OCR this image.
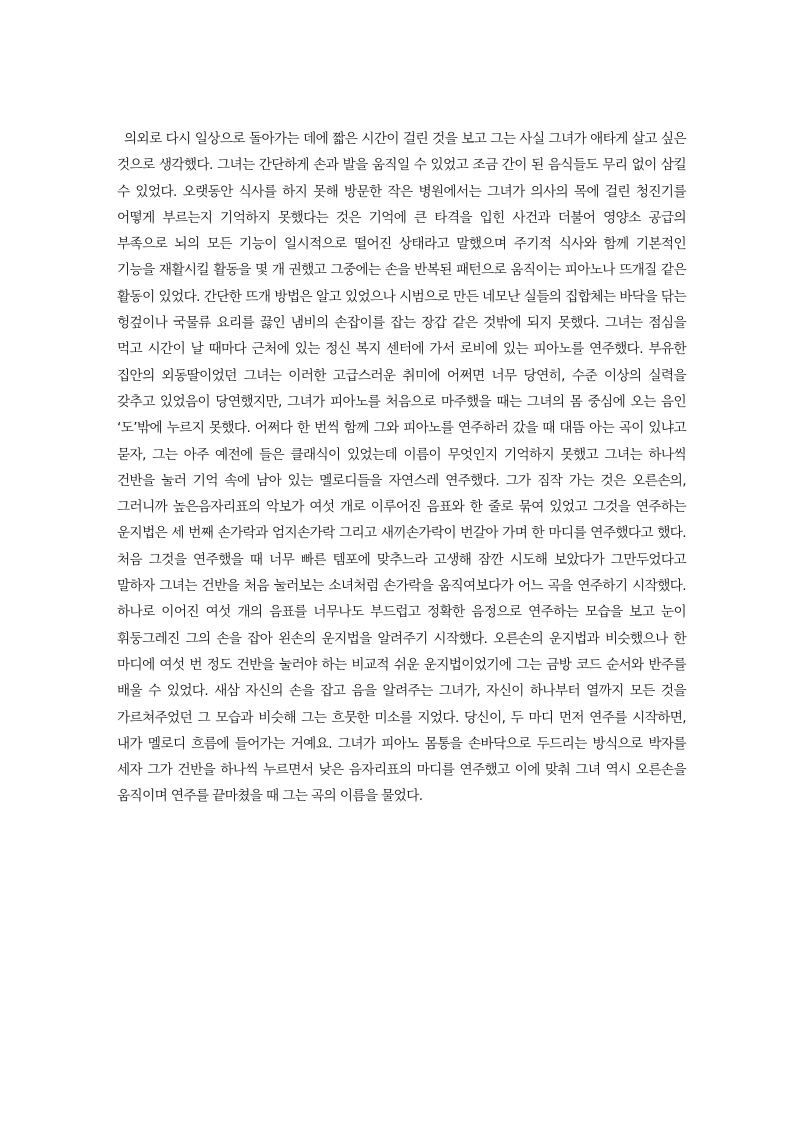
의외로 다시 일상으로 돌아가는 데에 짧은 시간이 걸린 것을 보고 그는 사실 그녀가 애타게 살고 싶은 것으로 생각했다. 그녀는 간단하게 손과 발을 움직일 수 있었고 조금 간이 된 음식들도 무리 없이 삼킬 수 있었다. 오랫동안 식사를 하지 못해 방문한 작은 병원에서는 그녀가 의사의 목에 걸린 청진기를 어떻게 부르는지 기억하지 못했다는 것은 기억에 큰 타격을 입힌 사건과 더불어 영양소 공급의 부족으로 뇌의 모든 기능이 일시적으로 떨어진 상태라고 말했으며 주기적 식사와 함께 기본적인 기능을 재활시킬 활동을 몇 개 권했고 그중에는 손을 반복된 패턴으로 움직이는 피아노나 뜨개질 같은 활동이 있었다. 간단한 뜨개 방법은 알고 있었으나 시범으로 만든 네모난 실들의 집합체는 바닥을 닦는 헝겊이나 국물류 요리를 끓인 냄비의 손잡이를 잡는 장갑 같은 것밖에 되지 못했다. 그녀는 점심을 먹고 시간이 날 때마다 근처에 있는 정신 복지 센터에 가서 로비에 있는 피아노를 연주했다. 부유한 집안의 외동딸이었던 그녀는 이러한 고급스러운 취미에 어쩌면 너무 당연히, 수준 이상의 실력을 갖추고 있었음이 당연했지만, 그녀가 피아노를 처음으로 마주했을 때는 그녀의 몸 중심에 오는 음인 ‘도’밖에 누르지 못했다. 어쩌다 한 번씩 함께 그와 피아노를 연주하러 갔을 때 대뜸 아는 곡이 있냐고 묻자, 그는 아주 예전에 들은 클래식이 있었는데 이름이 무엇인지 기억하지 못했고 그녀는 하나씩 건반을 눌러 기억 속에 남아 있는 멜로디들을 자연스레 연주했다. 그가 짐작 가는 것은 오른손의, 그러니까 높은음자리표의 악보가 여섯 개로 이루어진 음표와 한 줄로 묶여 있었고 그것을 연주하는 운지법은 세 번째 손가락과 엄지손가락 그리고 새끼손가락이 번갈아 가며 한 마디를 연주했다고 했다. 처음 그것을 연주했을 때 너무 빠른 템포에 맞추느라 고생해 잠깐 시도해 보았다가 그만두었다고 말하자 그녀는 건반을 처음 눌러보는 소녀처럼 손가락을 움직여보다가 어느 곡을 연주하기 시작했다. 하나로 이어진 여섯 개의 음표를 너무나도 부드럽고 정확한 음정으로 연주하는 모습을 보고 눈이 휘둥그레진 그의 손을 잡아 왼손의 운지법을 알려주기 시작했다. 오른손의 운지법과 비슷했으나 한 마디에 여섯 번 정도 건반을 눌러야 하는 비교적 쉬운 운지법이었기에 그는 금방 코드 순서와 반주를 배울 수 있었다. 새삼 자신의 손을 잡고 음을 알려주는 그녀가, 자신이 하나부터 열까지 모든 것을 가르쳐주었던 그 모습과 비슷해 그는 흐뭇한 미소를 지었다. 당신이, 두 마디 먼저 연주를 시작하면, 내가 멜로디 흐름에 들어가는 거예요. 그녀가 피아노 몸통을 손바닥으로 두드리는 방식으로 박자를 세자 그가 건반을 하나씩 누르면서 낮은 음자리표의 마디를 연주했고 이에 맞춰 그녀 역시 오른손을 움직이며 연주를 끝마쳤을 때 그는 곡의 이름을 물었다.
